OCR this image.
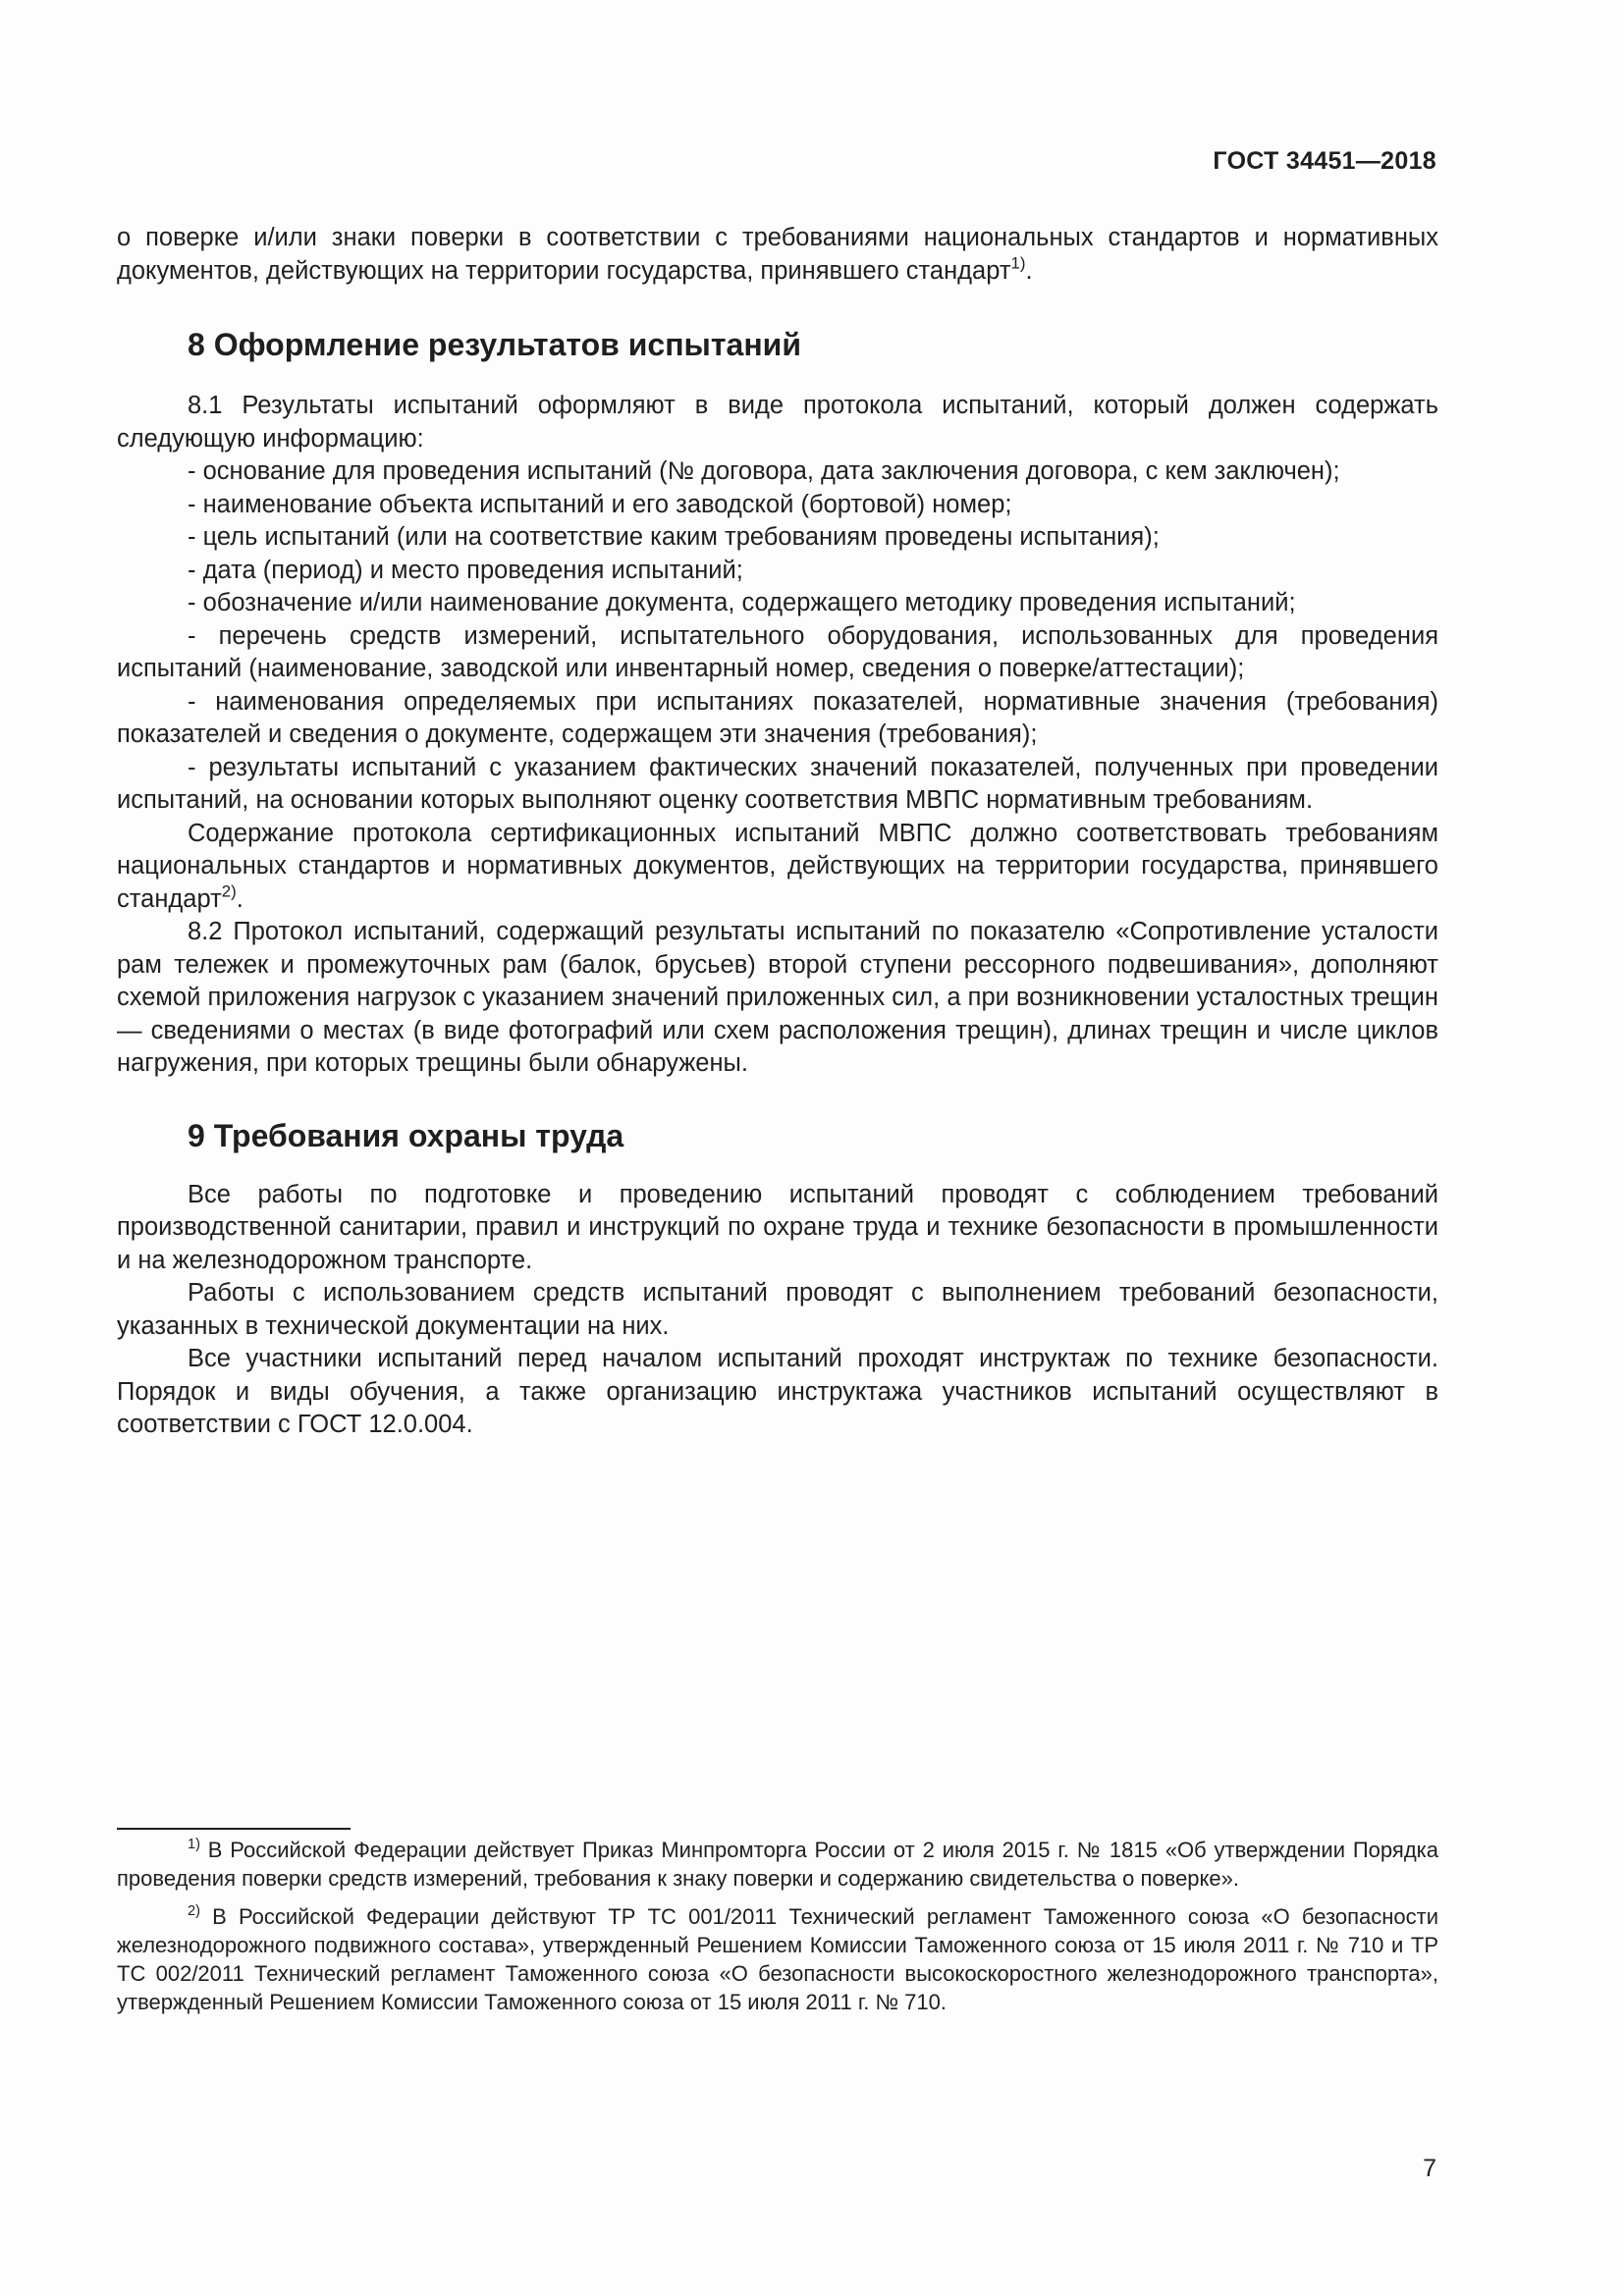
ГОСТ 34451—2018

о поверке и/или знаки поверки в соответствии с требованиями национальных стандартов и нормативных документов, действующих на территории государства, принявшего стандарт$^{1)}$.

8 Оформление результатов испытаний

8.1 Результаты испытаний оформляют в виде протокола испытаний, который должен содержать следующую информацию:

- основание для проведения испытаний (№ договора, дата заключения договора, с кем заключен);

- наименование объекта испытаний и его заводской (бортовой) номер;

- цель испытаний (или на соответствие каким требованиям проведены испытания);

- дата (период) и место проведения испытаний;

- обозначение и/или наименование документа, содержащего методику проведения испытаний;

- перечень средств измерений, испытательного оборудования, использованных для проведения испытаний (наименование, заводской или инвентарный номер, сведения о поверке/аттестации);

- наименования определяемых при испытаниях показателей, нормативные значения (требования) показателей и сведения о документе, содержащем эти значения (требования);

- результаты испытаний с указанием фактических значений показателей, полученных при проведении испытаний, на основании которых выполняют оценку соответствия МВПС нормативным требованиям.

Содержание протокола сертификационных испытаний МВПС должно соответствовать требованиям национальных стандартов и нормативных документов, действующих на территории государства, принявшего стандарт$^{2)}$.

8.2 Протокол испытаний, содержащий результаты испытаний по показателю «Сопротивление усталости рам тележек и промежуточных рам (балок, брусьев) второй ступени рессорного подвешивания», дополняют схемой приложения нагрузок с указанием значений приложенных сил, а при возникновении усталостных трещин — сведениями о местах (в виде фотографий или схем расположения трещин), длинах трещин и числе циклов нагружения, при которых трещины были обнаружены.

9 Требования охраны труда

Все работы по подготовке и проведению испытаний проводят с соблюдением требований производственной санитарии, правил и инструкций по охране труда и технике безопасности в промышленности и на железнодорожном транспорте.

Работы с использованием средств испытаний проводят с выполнением требований безопасности, указанных в технической документации на них.

Все участники испытаний перед началом испытаний проходят инструктаж по технике безопасности. Порядок и виды обучения, а также организацию инструктажа участников испытаний осуществляют в соответствии с ГОСТ 12.0.004.

$^{1)}$ В Российской Федерации действует Приказ Минпромторга России от 2 июля 2015 г. № 1815 «Об утверждении Порядка проведения поверки средств измерений, требования к знаку поверки и содержанию свидетельства о поверке».

$^{2)}$ В Российской Федерации действуют ТР ТС 001/2011 Технический регламент Таможенного союза «О безопасности железнодорожного подвижного состава», утвержденный Решением Комиссии Таможенного союза от 15 июля 2011 г. № 710 и ТР ТС 002/2011 Технический регламент Таможенного союза «О безопасности высокоскоростного железнодорожного транспорта», утвержденный Решением Комиссии Таможенного союза от 15 июля 2011 г. № 710.

7
